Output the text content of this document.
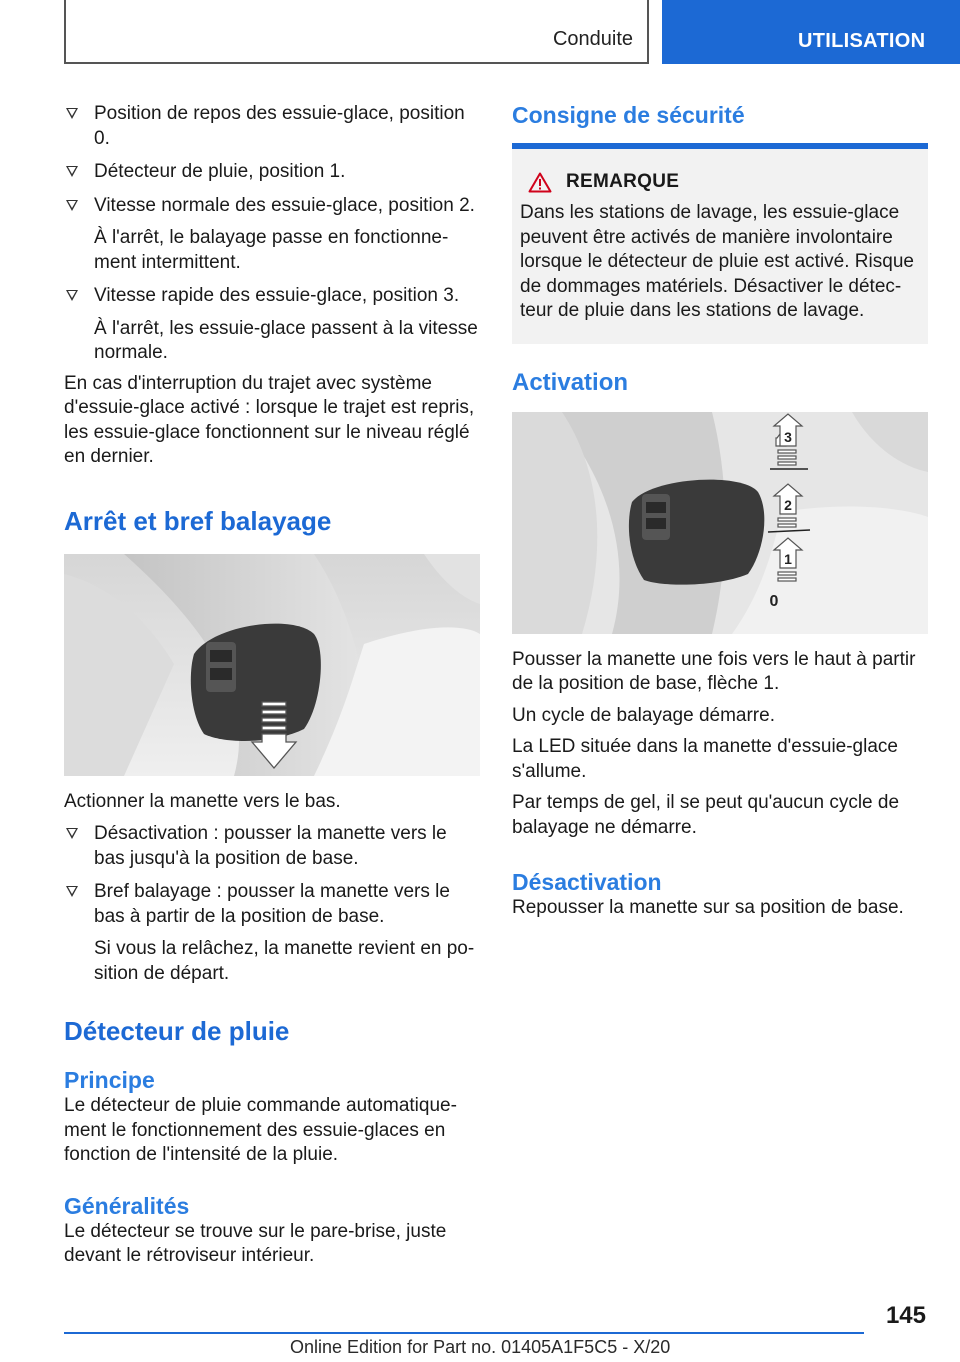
Conduite	UTILISATION
Position de repos des essuie-glace, position 0.
Détecteur de pluie, position 1.
Vitesse normale des essuie-glace, position 2.
À l'arrêt, le balayage passe en fonctionne-ment intermittent.
Vitesse rapide des essuie-glace, position 3.
À l'arrêt, les essuie-glace passent à la vitesse normale.

En cas d'interruption du trajet avec système d'essuie-glace activé : lorsque le trajet est repris, les essuie-glace fonctionnent sur le niveau réglé en dernier.

Arrêt et bref balayage

Actionner la manette vers le bas.

Désactivation : pousser la manette vers le bas jusqu'à la position de base.
Bref balayage : pousser la manette vers le bas à partir de la position de base.
Si vous la relâchez, la manette revient en po-sition de départ.
Détecteur de pluie
Principe

Le détecteur de pluie commande automatique-ment le fonctionnement des essuie-glaces en fonction de l'intensité de la pluie.

Généralités

Le détecteur se trouve sur le pare-brise, juste devant le rétroviseur intérieur.

Consigne de sécurité
REMARQUE

Dans les stations de lavage, les essuie-glace peuvent être activés de manière involontaire lorsque le détecteur de pluie est activé. Risque de dommages matériels. Désactiver le détec-teur de pluie dans les stations de lavage.

Activation
3
2
1
0

Pousser la manette une fois vers le haut à partir de la position de base, flèche 1.

Un cycle de balayage démarre.

La LED située dans la manette d'essuie-glace s'allume.

Par temps de gel, il se peut qu'aucun cycle de balayage ne démarre.

Désactivation

Repousser la manette sur sa position de base.

145
Online Edition for Part no. 01405A1F5C5 - X/20
